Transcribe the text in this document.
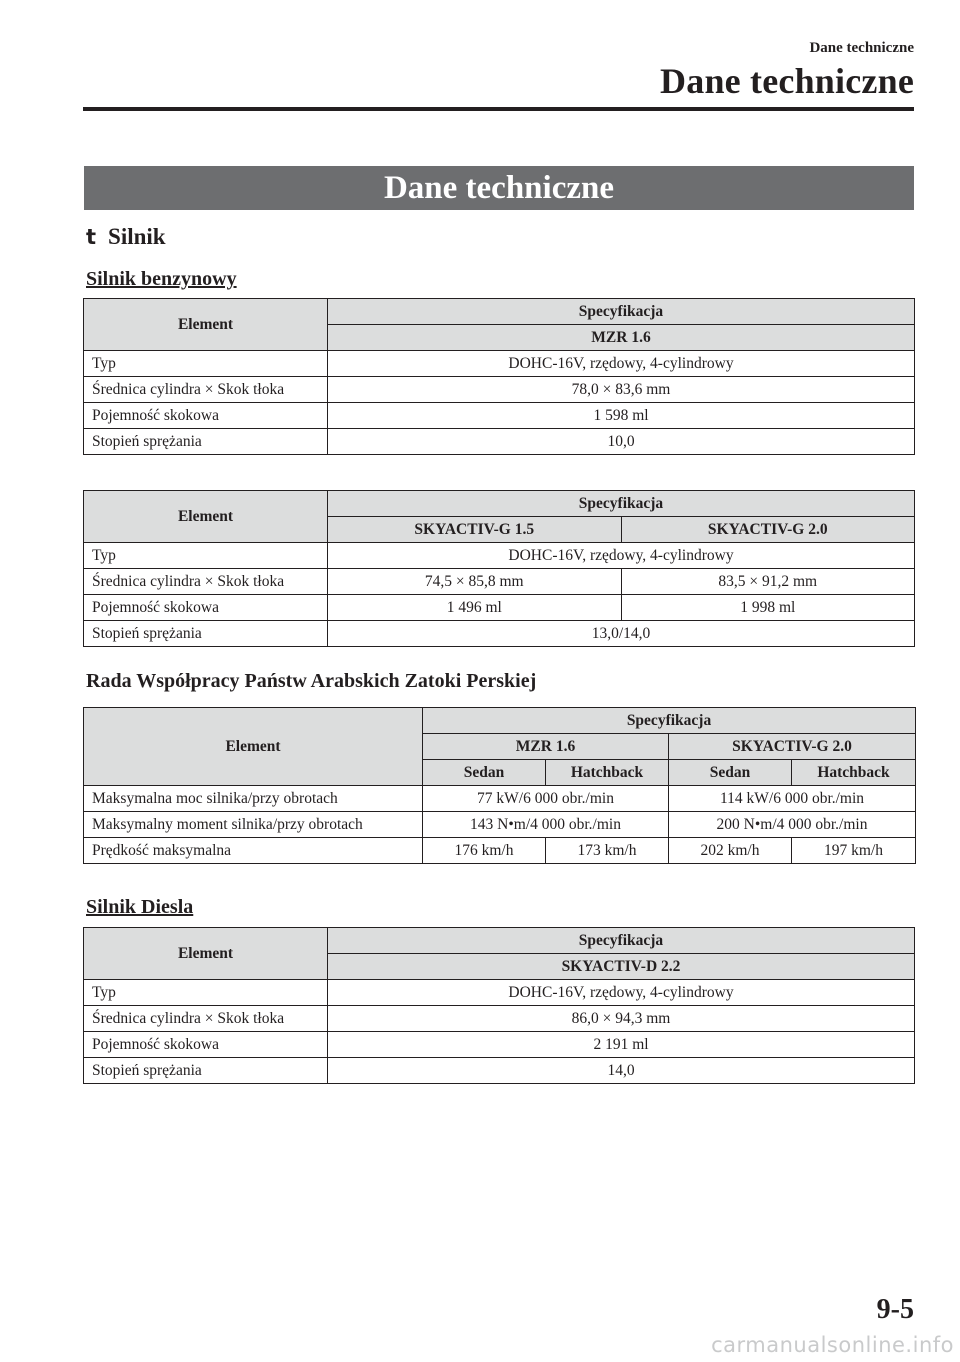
Dane techniczne
Dane techniczne
Dane techniczne
t Silnik
Silnik benzynowy
Element	Specyfikacja
	MZR 1.6
Typ	DOHC-16V, rzędowy, 4-cylindrowy
Średnica cylindra × Skok tłoka	78,0 × 83,6 mm
Pojemność skokowa	1 598 ml
Stopień sprężania	10,0
Element	Specyfikacja	
	SKYACTIV-G 1.5	SKYACTIV-G 2.0
Typ	DOHC-16V, rzędowy, 4-cylindrowy	
Średnica cylindra × Skok tłoka	74,5 × 85,8 mm	83,5 × 91,2 mm
Pojemność skokowa	1 496 ml	1 998 ml
Stopień sprężania	13,0/14,0	
Rada Współpracy Państw Arabskich Zatoki Perskiej
Element	Specyfikacja			
	MZR 1.6		SKYACTIV-G 2.0	
	Sedan	Hatchback	Sedan	Hatchback
Maksymalna moc silnika/przy obrotach	77 kW/6 000 obr./min		114 kW/6 000 obr./min	
Maksymalny moment silnika/przy obrotach	143 N•m/4 000 obr./min		200 N•m/4 000 obr./min	
Prędkość maksymalna	176 km/h	173 km/h	202 km/h	197 km/h
Silnik Diesla
Element	Specyfikacja
	SKYACTIV-D 2.2
Typ	DOHC-16V, rzędowy, 4-cylindrowy
Średnica cylindra × Skok tłoka	86,0 × 94,3 mm
Pojemność skokowa	2 191 ml
Stopień sprężania	14,0
9-5
carmanualsonline.info
